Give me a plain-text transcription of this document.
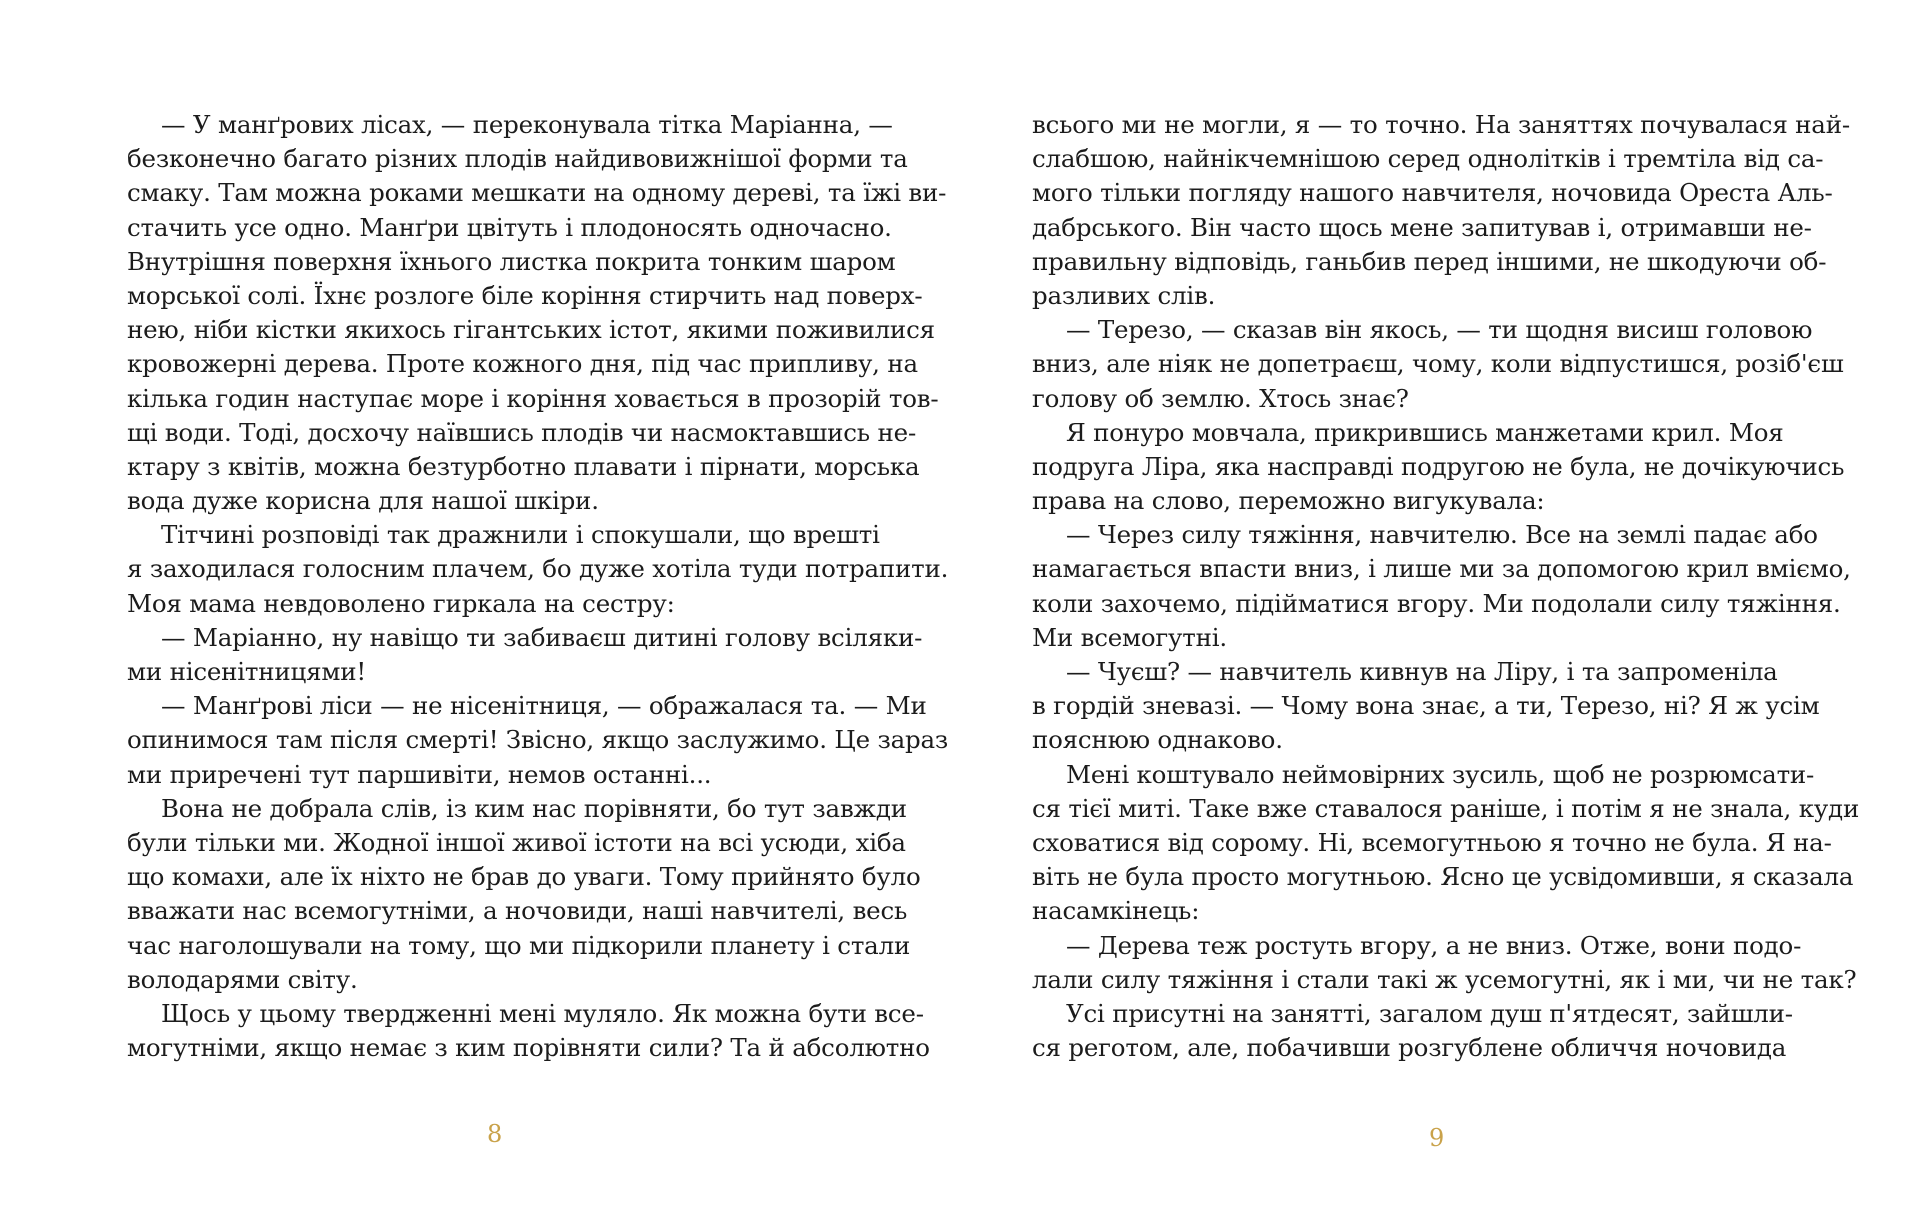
— У манґрових лісах, — переконувала тітка Маріанна, —
безконечно багато різних плодів найдивовижнішої форми та
смаку. Там можна роками мешкати на одному дереві, та їжі ви-
стачить усе одно. Манґри цвітуть і плодоносять одночасно.
Внутрішня поверхня їхнього листка покрита тонким шаром
морської солі. Їхнє розлоге біле коріння стирчить над поверх-
нею, ніби кістки якихось гігантських істот, якими поживилися
кровожерні дерева. Проте кожного дня, під час припливу, на
кілька годин наступає море і коріння ховається в прозорій тов-
щі води. Тоді, досхочу наївшись плодів чи насмоктавшись не-
ктару з квітів, можна безтурботно плавати і пірнати, морська
вода дуже корисна для нашої шкіри.
Тітчині розповіді так дражнили і спокушали, що врешті
я заходилася голосним плачем, бо дуже хотіла туди потрапити.
Моя мама невдоволено гиркала на сестру:
— Маріанно, ну навіщо ти забиваєш дитині голову всіляки-
ми нісенітницями!
— Манґрові ліси — не нісенітниця, — ображалася та. — Ми
опинимося там після смерті! Звісно, якщо заслужимо. Це зараз
ми приречені тут паршивіти, немов останні...
Вона не добрала слів, із ким нас порівняти, бо тут завжди
були тільки ми. Жодної іншої живої істоти на всі усюди, хіба
що комахи, але їх ніхто не брав до уваги. Тому прийнято було
вважати нас всемогутніми, а ночовиди, наші навчителі, весь
час наголошували на тому, що ми підкорили планету і стали
володарями світу.
Щось у цьому твердженні мені муляло. Як можна бути все-
могутніми, якщо немає з ким порівняти сили? Та й абсолютно
8
всього ми не могли, я — то точно. На заняттях почувалася най-
слабшою, найнікчемнішою серед однолітків і тремтіла від са-
мого тільки погляду нашого навчителя, ночовида Ореста Аль-
дабрського. Він часто щось мене запитував і, отримавши не-
правильну відповідь, ганьбив перед іншими, не шкодуючи об-
разливих слів.
— Терезо, — сказав він якось, — ти щодня висиш головою
вниз, але ніяк не допетраєш, чому, коли відпустишся, розіб'єш
голову об землю. Хтось знає?
Я понуро мовчала, прикрившись манжетами крил. Моя
подруга Ліра, яка насправді подругою не була, не дочікуючись
права на слово, переможно вигукувала:
— Через силу тяжіння, навчителю. Все на землі падає або
намагається впасти вниз, і лише ми за допомогою крил вміємо,
коли захочемо, підійматися вгору. Ми подолали силу тяжіння.
Ми всемогутні.
— Чуєш? — навчитель кивнув на Ліру, і та запроменіла
в гордій зневазі. — Чому вона знає, а ти, Терезо, ні? Я ж усім
пояснюю однаково.
Мені коштувало неймовірних зусиль, щоб не розрюмсати-
ся тієї миті. Таке вже ставалося раніше, і потім я не знала, куди
сховатися від сорому. Ні, всемогутньою я точно не була. Я на-
віть не була просто могутньою. Ясно це усвідомивши, я сказала
насамкінець:
— Дерева теж ростуть вгору, а не вниз. Отже, вони подо-
лали силу тяжіння і стали такі ж усемогутні, як і ми, чи не так?
Усі присутні на занятті, загалом душ п'ятдесят, зайшли-
ся реготом, але, побачивши розгублене обличчя ночовида
9
